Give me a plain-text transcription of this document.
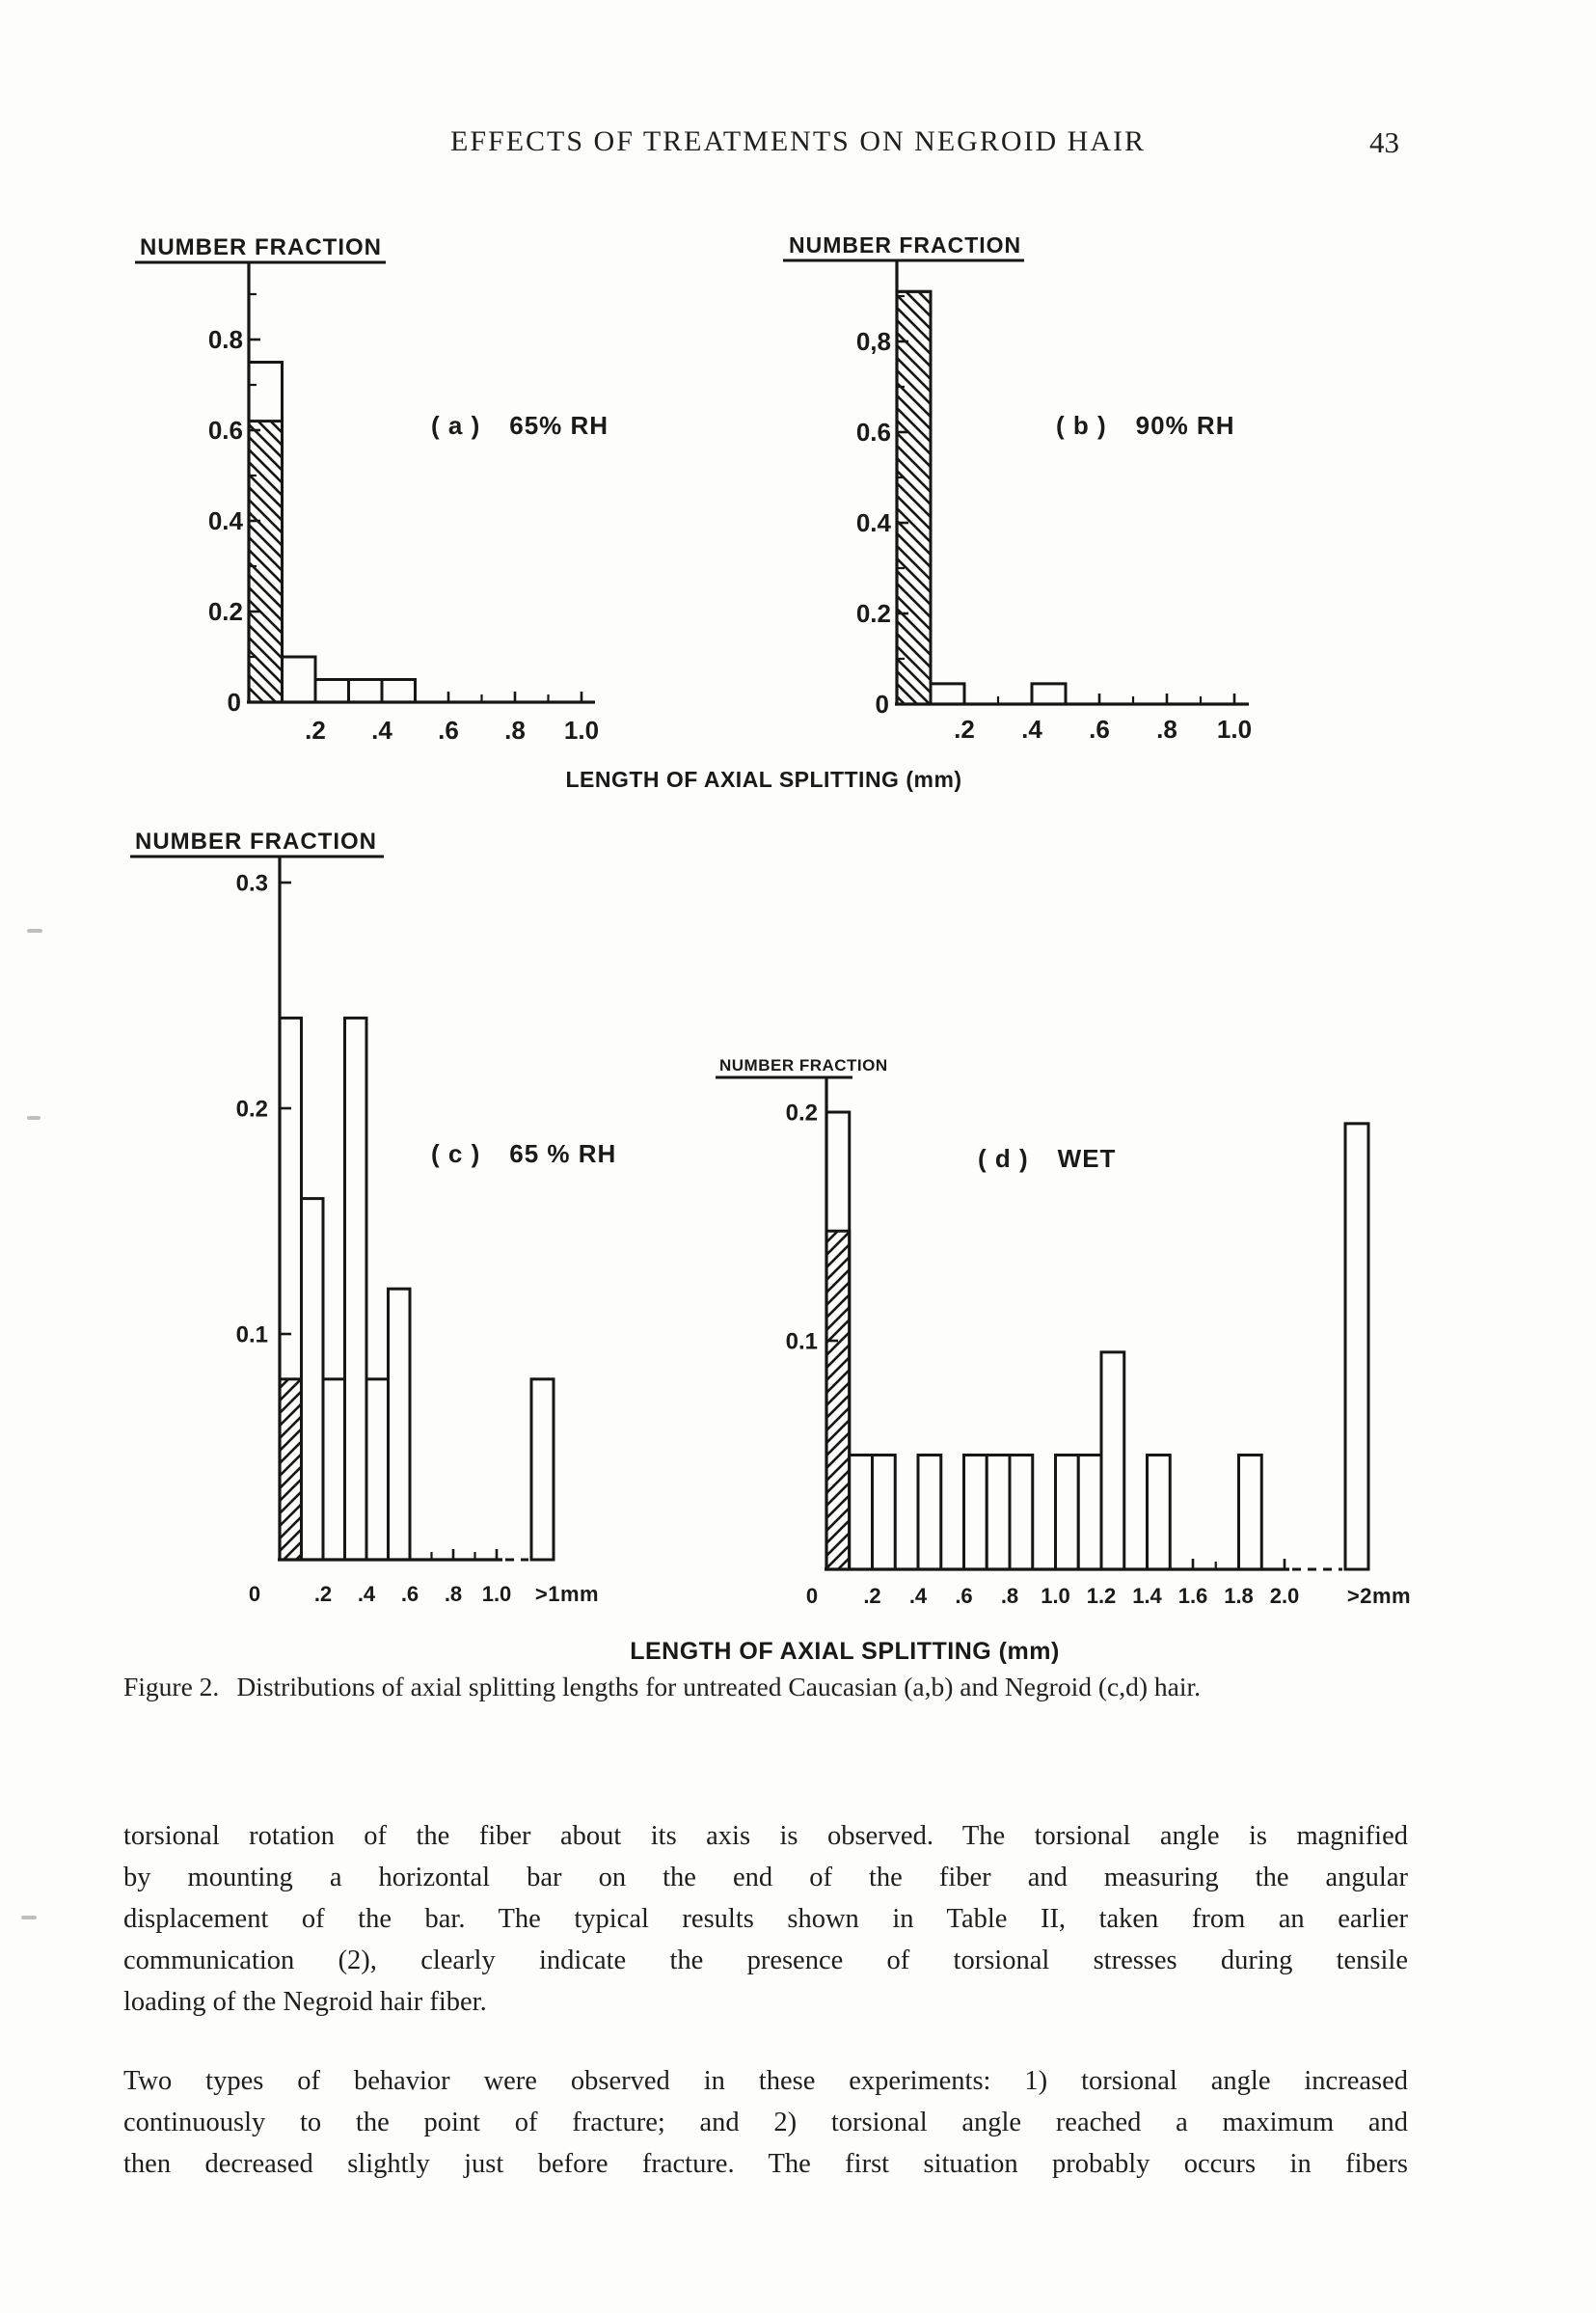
EFFECTS OF TREATMENTS ON NEGROID HAIR	43
NUMBER FRACTION
0.8
0.6
0.4
0.2
.2 .4 .6 .8 1.0
0
( a ) 65% RH
NUMBER FRACTION
0,8
0.6
0.4
0.2
.2 .4 .6 .8 1.0
0
( b ) 90% RH
>1mm
NUMBER FRACTION
0.3
0.2
0.1
.2 .4 .6 .8 1.0
0
( c ) 65 % RH
>2mm
NUMBER FRACTION
0.2
0.1
.2 .4 .6 .8 1.0 1.2 1.4 1.6 1.8 2.0
0
( d ) WET
LENGTH OF AXIAL SPLITTING (mm)
LENGTH OF AXIAL SPLITTING (mm)
Figure 2. Distributions of axial splitting lengths for untreated Caucasian (a,b) and Negroid (c,d) hair.
torsional rotation of the fiber about its axis is observed. The torsional angle is magnified
by mounting a horizontal bar on the end of the fiber and measuring the angular
displacement of the bar. The typical results shown in Table II, taken from an earlier
communication (2), clearly indicate the presence of torsional stresses during tensile
loading of the Negroid hair fiber.
Two types of behavior were observed in these experiments: 1) torsional angle increased
continuously to the point of fracture; and 2) torsional angle reached a maximum and
then decreased slightly just before fracture. The first situation probably occurs in fibers
